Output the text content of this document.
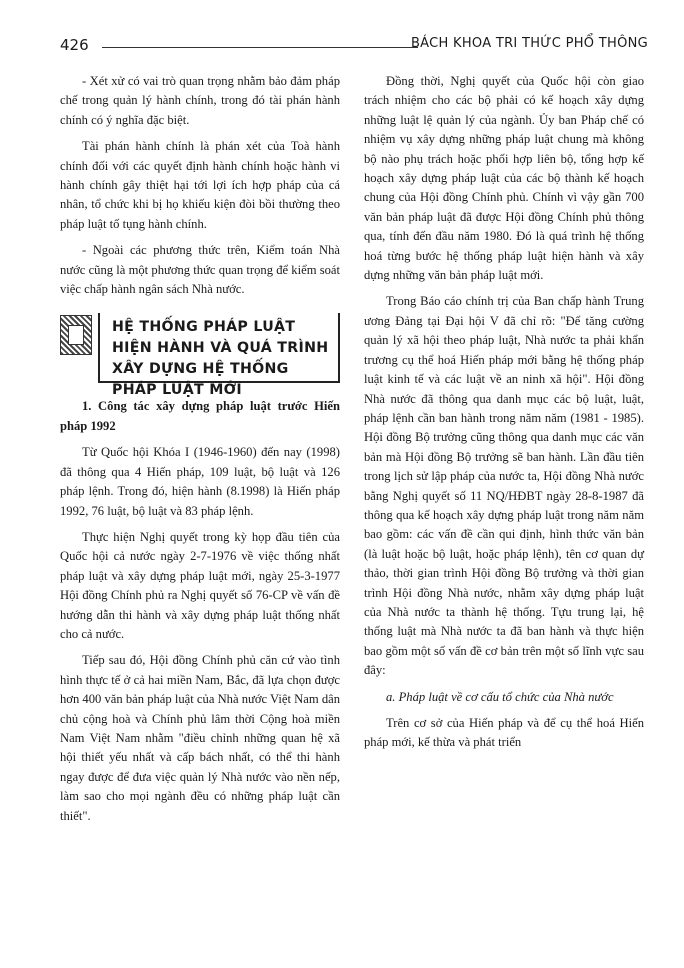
426	BÁCH KHOA TRI THỨC PHỔ THÔNG

- Xét xử có vai trò quan trọng nhằm bảo đảm pháp chế trong quản lý hành chính, trong đó tài phán hành chính có ý nghĩa đặc biệt.

Tài phán hành chính là phán xét của Toà hành chính đối với các quyết định hành chính hoặc hành vi hành chính gây thiệt hại tới lợi ích hợp pháp của cá nhân, tổ chức khi bị họ khiếu kiện đòi bồi thường theo pháp luật tố tụng hành chính.

- Ngoài các phương thức trên, Kiểm toán Nhà nước cũng là một phương thức quan trọng để kiểm soát việc chấp hành ngân sách Nhà nước.

HỆ THỐNG PHÁP LUẬT HIỆN HÀNH VÀ QUÁ TRÌNH XÂY DỰNG HỆ THỐNG PHÁP LUẬT MỚI

1. Công tác xây dựng pháp luật trước Hiến pháp 1992

Từ Quốc hội Khóa I (1946-1960) đến nay (1998) đã thông qua 4 Hiến pháp, 109 luật, bộ luật và 126 pháp lệnh. Trong đó, hiện hành (8.1998) là Hiến pháp 1992, 76 luật, bộ luật và 83 pháp lệnh.

Thực hiện Nghị quyết trong kỳ họp đầu tiên của Quốc hội cả nước ngày 2-7-1976 về việc thống nhất pháp luật và xây dựng pháp luật mới, ngày 25-3-1977 Hội đồng Chính phủ ra Nghị quyết số 76-CP về vấn đề hướng dẫn thi hành và xây dựng pháp luật thống nhất cho cả nước.

Tiếp sau đó, Hội đồng Chính phủ căn cứ vào tình hình thực tế ở cả hai miền Nam, Bắc, đã lựa chọn được hơn 400 văn bản pháp luật của Nhà nước Việt Nam dân chủ cộng hoà và Chính phủ lâm thời Cộng hoà miền Nam Việt Nam nhằm "điều chỉnh những quan hệ xã hội thiết yếu nhất và cấp bách nhất, có thể thi hành ngay được để đưa việc quản lý Nhà nước vào nền nếp, làm sao cho mọi ngành đều có những pháp luật cần thiết".

Đồng thời, Nghị quyết của Quốc hội còn giao trách nhiệm cho các bộ phải có kế hoạch xây dựng những luật lệ quản lý của ngành. Ủy ban Pháp chế có nhiệm vụ xây dựng những pháp luật chung mà không bộ nào phụ trách hoặc phối hợp liên bộ, tổng hợp kế hoạch xây dựng pháp luật của các bộ thành kế hoạch chung của Hội đồng Chính phủ. Chính vì vậy gần 700 văn bản pháp luật đã được Hội đồng Chính phủ thông qua, tính đến đầu năm 1980. Đó là quá trình hệ thống hoá từng bước hệ thống pháp luật hiện hành và xây dựng những văn bản pháp luật mới.

Trong Báo cáo chính trị của Ban chấp hành Trung ương Đảng tại Đại hội V đã chỉ rõ: "Để tăng cường quản lý xã hội theo pháp luật, Nhà nước ta phải khẩn trương cụ thể hoá Hiến pháp mới bằng hệ thống pháp luật kinh tế và các luật về an ninh xã hội". Hội đồng Nhà nước đã thông qua danh mục các bộ luật, luật, pháp lệnh cần ban hành trong năm năm (1981 - 1985). Hội đồng Bộ trưởng cũng thông qua danh mục các văn bản mà Hội đồng Bộ trưởng sẽ ban hành. Lần đầu tiên trong lịch sử lập pháp của nước ta, Hội đồng Nhà nước bằng Nghị quyết số 11 NQ/HĐBT ngày 28-8-1987 đã thông qua kế hoạch xây dựng pháp luật trong năm năm bao gồm: các vấn đề cần qui định, hình thức văn bản (là luật hoặc bộ luật, hoặc pháp lệnh), tên cơ quan dự thảo, thời gian trình Hội đồng Bộ trưởng và thời gian trình Hội đồng Nhà nước, nhằm xây dựng pháp luật của Nhà nước ta thành hệ thống. Tựu trung lại, hệ thống luật mà Nhà nước ta đã ban hành và thực hiện bao gồm một số vấn đề cơ bản trên một số lĩnh vực sau đây:

a. Pháp luật về cơ cấu tổ chức của Nhà nước

Trên cơ sở của Hiến pháp và để cụ thể hoá Hiến pháp mới, kế thừa và phát triển
